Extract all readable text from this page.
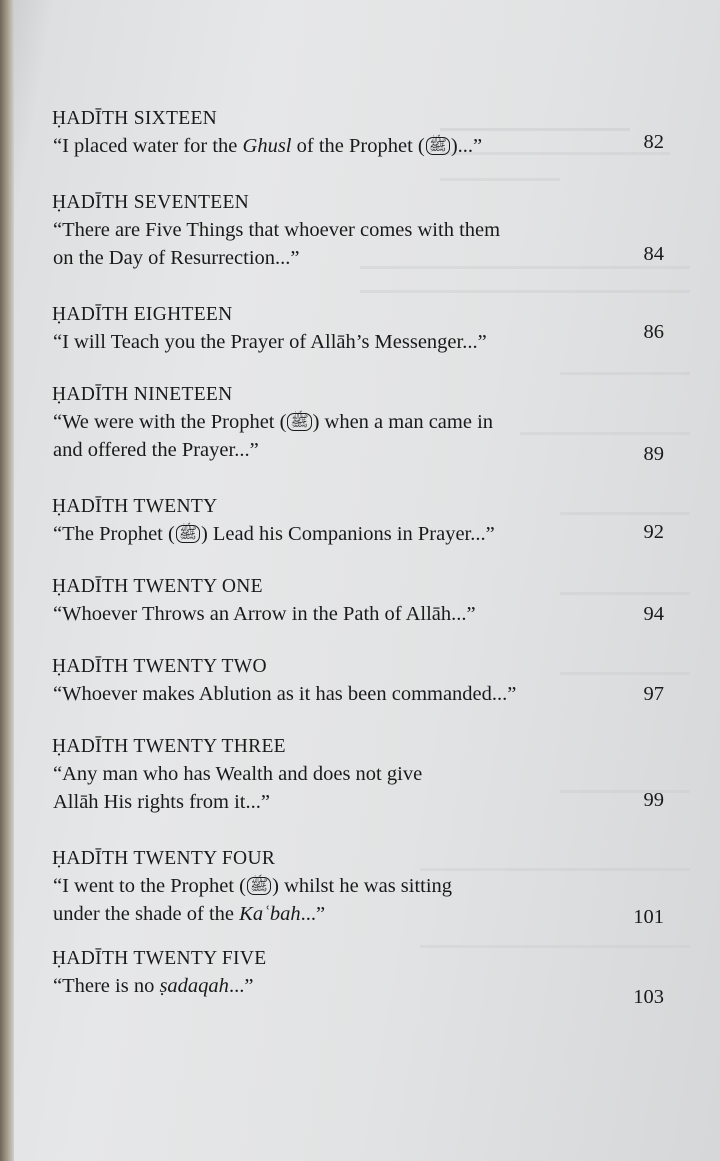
ḤADĪTH SIXTEEN
“I placed water for the Ghusl of the Prophet ( ﷺ )...”	82
ḤADĪTH SEVENTEEN
“There are Five Things that whoever comes with them
on the Day of Resurrection...”	84
ḤADĪTH EIGHTEEN
“I will Teach you the Prayer of Allāh’s Messenger...”	86
ḤADĪTH NINETEEN
“We were with the Prophet ( ﷺ ) when a man came in
and offered the Prayer...”	89
ḤADĪTH TWENTY
“The Prophet ( ﷺ ) Lead his Companions in Prayer...”	92
ḤADĪTH TWENTY ONE
“Whoever Throws an Arrow in the Path of Allāh...”	94
ḤADĪTH TWENTY TWO
“Whoever makes Ablution as it has been commanded...”	97
ḤADĪTH TWENTY THREE
“Any man who has Wealth and does not give
Allāh His rights from it...”	99
ḤADĪTH TWENTY FOUR
“I went to the Prophet ( ﷺ ) whilst he was sitting
under the shade of the Kaʿbah...”	101
ḤADĪTH TWENTY FIVE
“There is no ṣadaqah...”	103
